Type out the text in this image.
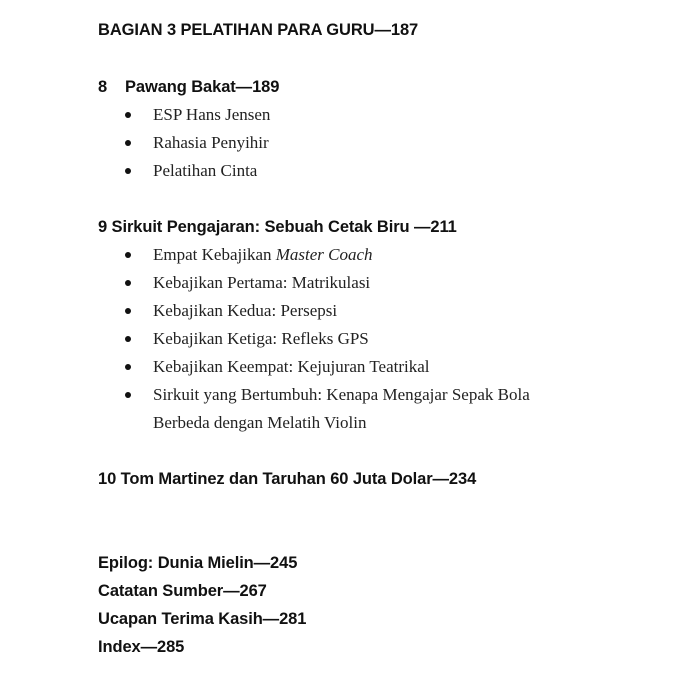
BAGIAN 3 PELATIHAN PARA GURU—187
8 Pawang Bakat—189
ESP Hans Jensen
Rahasia Penyihir
Pelatihan Cinta
9 Sirkuit Pengajaran: Sebuah Cetak Biru —211
Empat Kebajikan Master Coach
Kebajikan Pertama: Matrikulasi
Kebajikan Kedua: Persepsi
Kebajikan Ketiga: Refleks GPS
Kebajikan Keempat: Kejujuran Teatrikal
Sirkuit yang Bertumbuh: Kenapa Mengajar Sepak Bola
Berbeda dengan Melatih Violin
10 Tom Martinez dan Taruhan 60 Juta Dolar—234
Epilog: Dunia Mielin—245
Catatan Sumber—267
Ucapan Terima Kasih—281
Index—285
